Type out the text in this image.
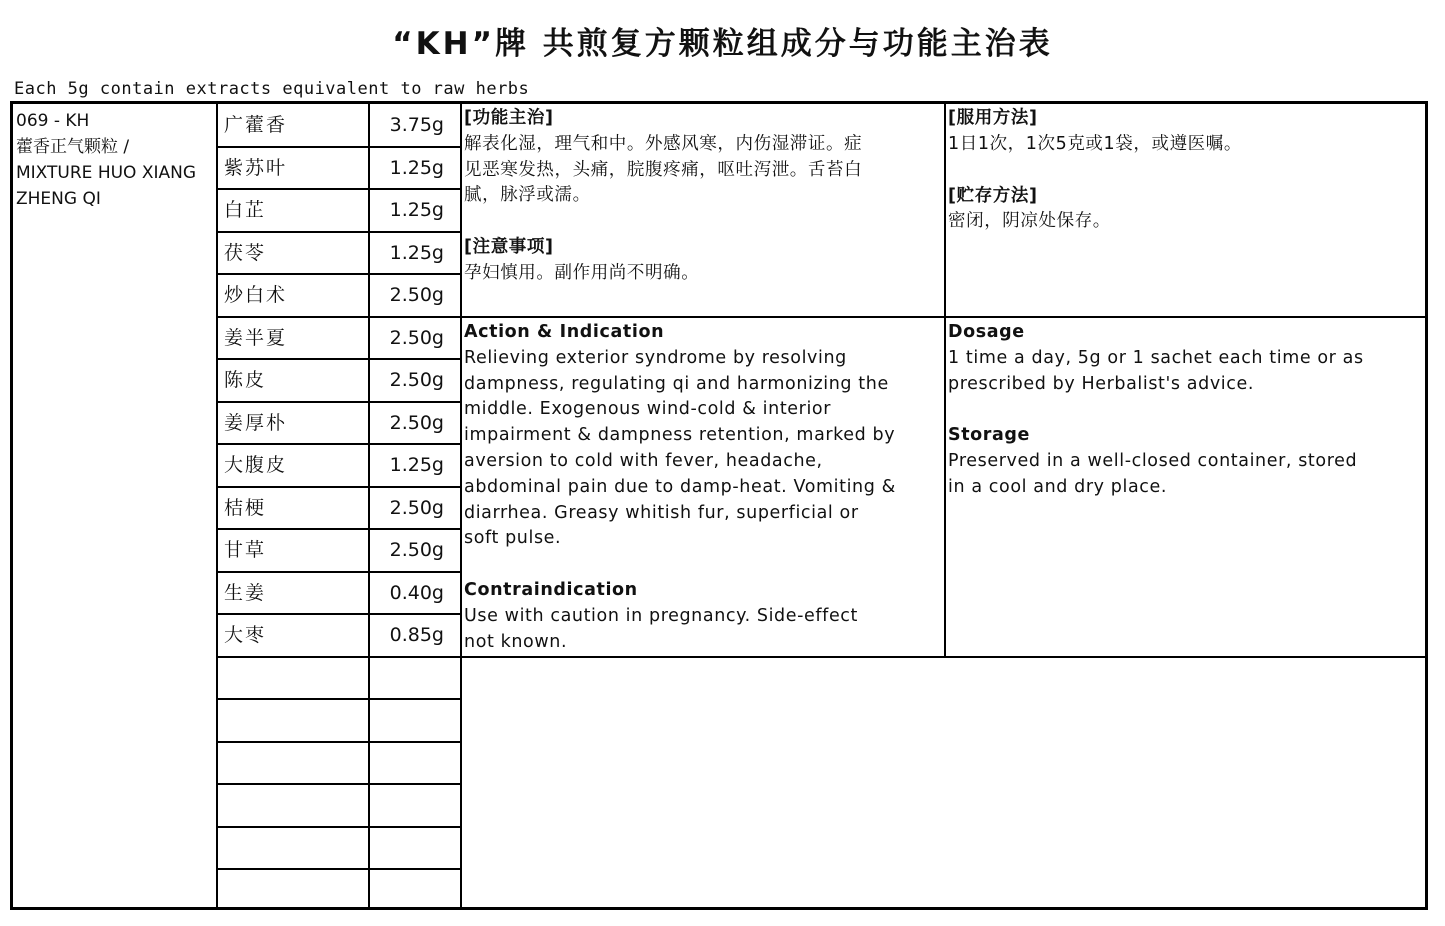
“KH”牌 共煎复方颗粒组成分与功能主治表
Each 5g contain extracts equivalent to raw herbs
069 - KH
藿香正气颗粒 /
MIXTURE HUO XIANG
ZHENG QI
广藿香	3.75g
紫苏叶	1.25g
白芷	1.25g
茯苓	1.25g
炒白术	2.50g
姜半夏	2.50g
陈皮	2.50g
姜厚朴	2.50g
大腹皮	1.25g
桔梗	2.50g
甘草	2.50g
生姜	0.40g
大枣	0.85g
[功能主治]
解表化湿，理气和中。外感风寒，内伤湿滞证。症
见恶寒发热，头痛，脘腹疼痛，呕吐泻泄。舌苔白
腻，脉浮或濡。
[注意事项]
孕妇慎用。副作用尚不明确。
[服用方法]
1日1次，1次5克或1袋，或遵医嘱。
[贮存方法]
密闭，阴凉处保存。
Action & Indication
Relieving exterior syndrome by resolving
dampness, regulating qi and harmonizing the
middle. Exogenous wind-cold & interior
impairment & dampness retention, marked by
aversion to cold with fever, headache,
abdominal pain due to damp-heat. Vomiting &
diarrhea. Greasy whitish fur, superficial or
soft pulse.
Contraindication
Use with caution in pregnancy. Side-effect
not known.
Dosage
1 time a day, 5g or 1 sachet each time or as
prescribed by Herbalist's advice.
Storage
Preserved in a well-closed container, stored
in a cool and dry place.
